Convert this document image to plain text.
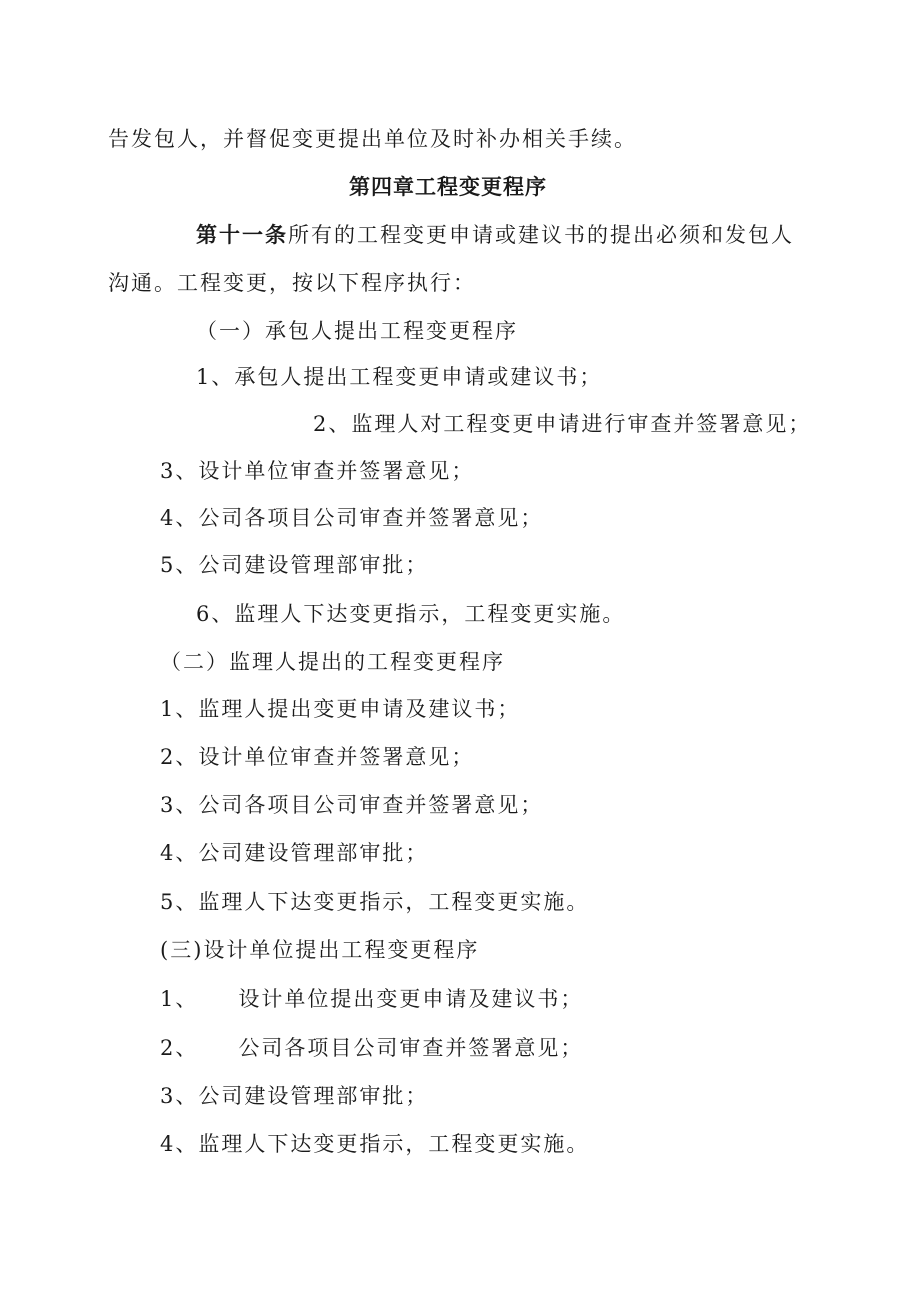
告发包人，并督促变更提出单位及时补办相关手续。
第四章工程变更程序
第十一条所有的工程变更申请或建议书的提出必须和发包人
沟通。工程变更，按以下程序执行：
（一）承包人提出工程变更程序
1、承包人提出工程变更申请或建议书；
2、监理人对工程变更申请进行审查并签署意见；
3、设计单位审查并签署意见；
4、公司各项目公司审查并签署意见；
5、公司建设管理部审批；
6、监理人下达变更指示，工程变更实施。
（二）监理人提出的工程变更程序
1、监理人提出变更申请及建议书；
2、设计单位审查并签署意见；
3、公司各项目公司审查并签署意见；
4、公司建设管理部审批；
5、监理人下达变更指示，工程变更实施。
(三)设计单位提出工程变更程序
1、 设计单位提出变更申请及建议书；
2、 公司各项目公司审查并签署意见；
3、公司建设管理部审批；
4、监理人下达变更指示，工程变更实施。
